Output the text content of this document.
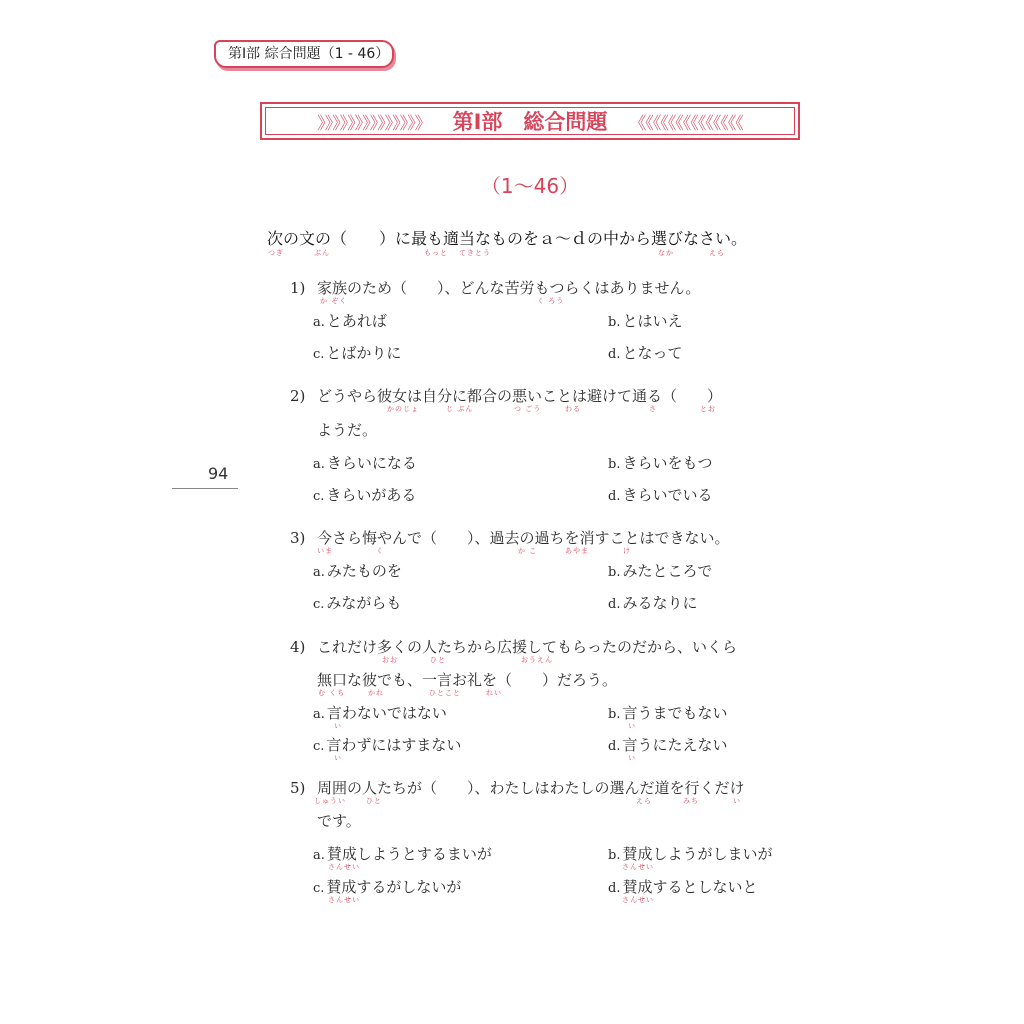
第Ⅰ部 綜合問題（1 - 46）
》》》》》》》》》》》》》》 第Ⅰ部　総合問題 《《《《《《《《《《《《《《
（1～46）
次の文の（　　）に最も適当なものをａ～ｄの中から選びなさい。
つぎ	ぶん	もっと てきとう	なか	えら
94
1) 家族のため（　　）、どんな苦労もつらくはありません。
か ぞく	く ろう
a. とあれば	b. とはいえ
c. とばかりに	d. となって
2) どうやら彼女は自分に都合の悪いことは避けて通る（　　）
かのじょ	じ ぶん	つ ごう	わる	さ	とお
ようだ。
a. きらいになる	b. きらいをもつ
c. きらいがある	d. きらいでいる
3) 今さら悔やんで（　　）、過去の過ちを消すことはできない。
いま	く	か こ	あやま	け
a. みたものを	b. みたところで
c. みながらも	d. みるなりに
4) これだけ多くの人たちから広援してもらったのだから、いくら
おお	ひと	おうえん
無口な彼でも、一言お礼を（　　）だろう。
む くち	かれ	ひとこと	れい
a. 言わないではない	b. 言うまでもない
い	い
c. 言わずにはすまない	d. 言うにたえない
い	い
5) 周囲の人たちが（　　）、わたしはわたしの選んだ道を行くだけ
しゅうい	ひと	えら	みち	い
です。
a. 賛成しようとするまいが	b. 賛成しようがしまいが
さんせい	さんせい
c. 賛成するがしないが	d. 賛成するとしないと
さんせい	さんせい
